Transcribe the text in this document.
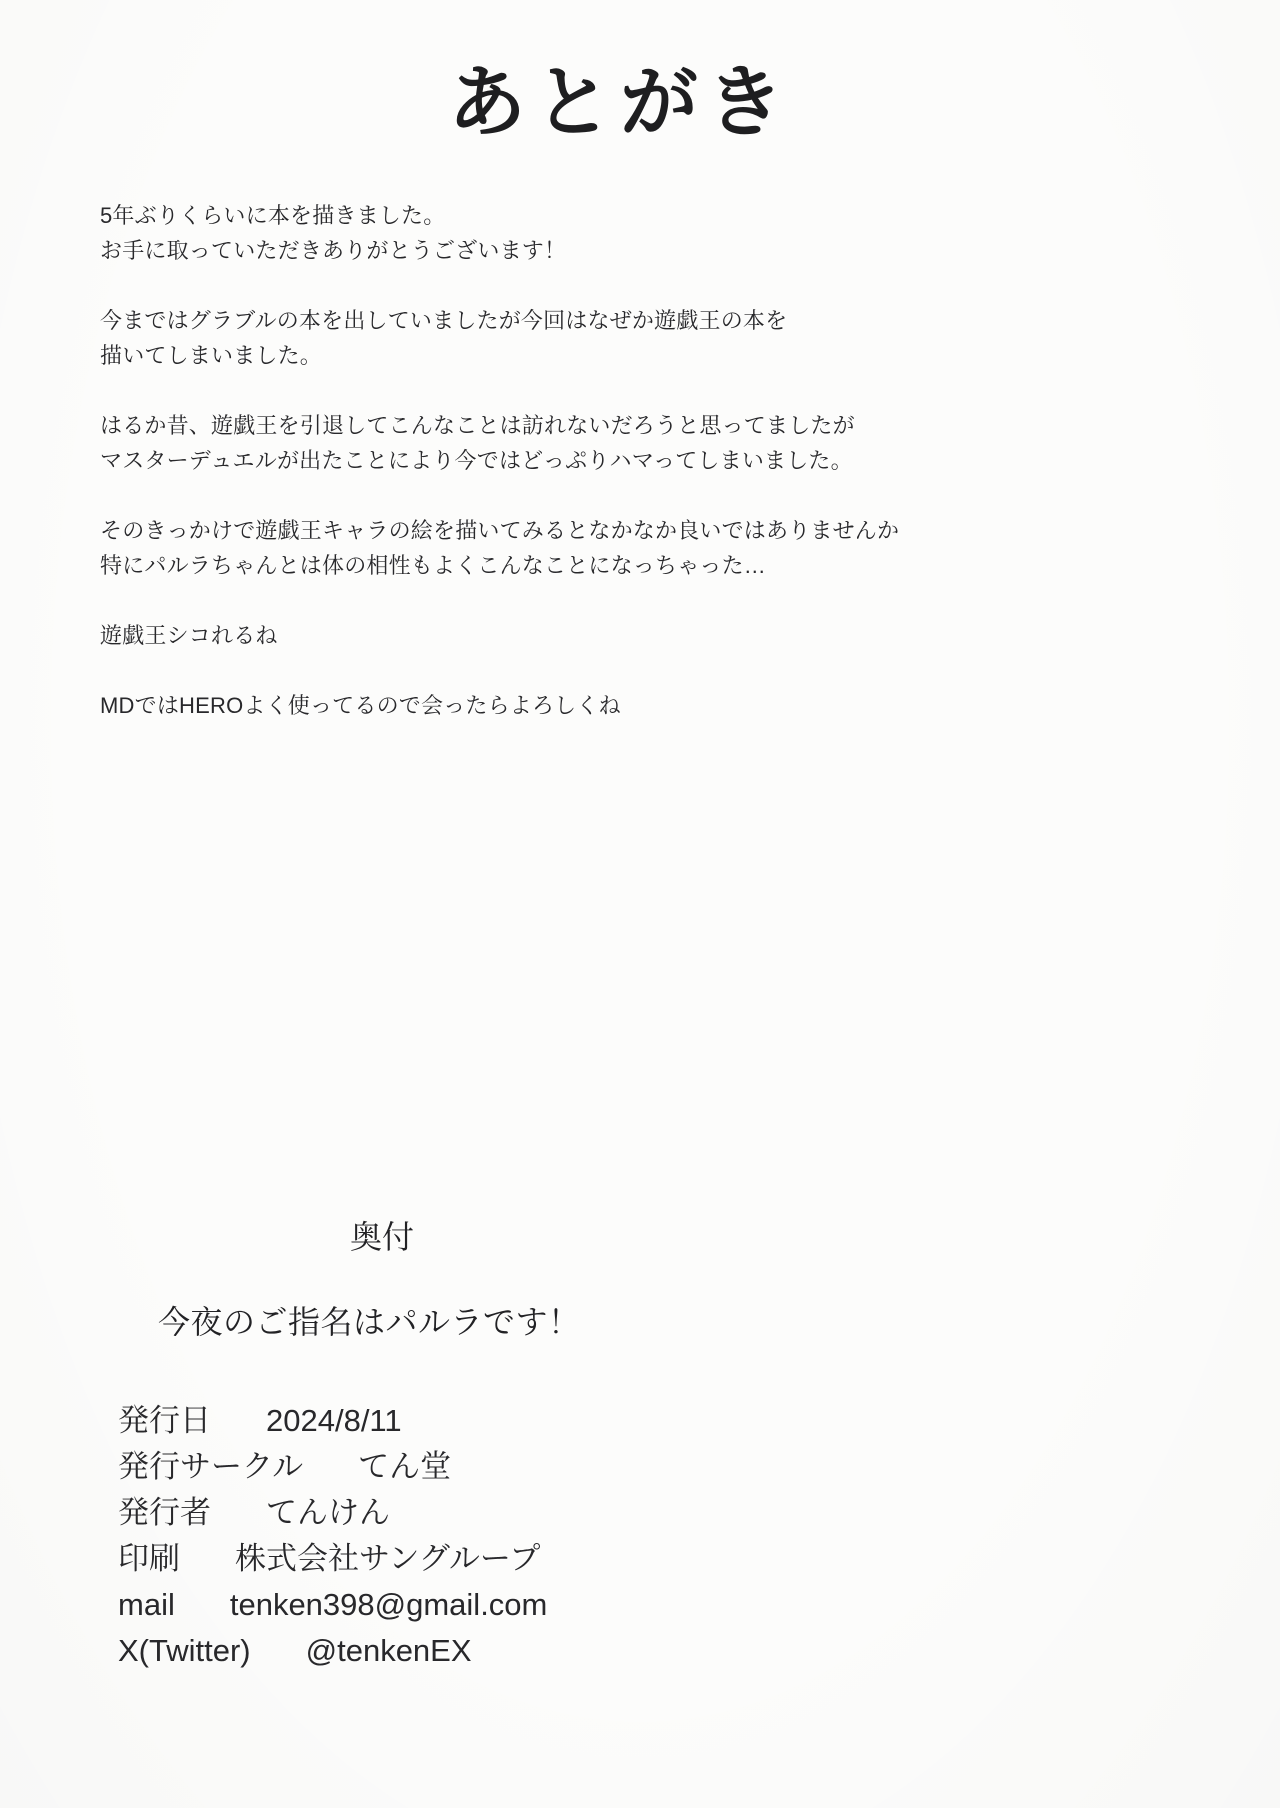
あとがき
5年ぶりくらいに本を描きました。
お手に取っていただきありがとうございます！
今まではグラブルの本を出していましたが今回はなぜか遊戯王の本を
描いてしまいました。
はるか昔、遊戯王を引退してこんなことは訪れないだろうと思ってましたが
マスターデュエルが出たことにより今ではどっぷりハマってしまいました。
そのきっかけで遊戯王キャラの絵を描いてみるとなかなか良いではありませんか
特にパルラちゃんとは体の相性もよくこんなことになっちゃった…
遊戯王シコれるね
MDではHEROよく使ってるので会ったらよろしくね
奥付
今夜のご指名はパルラです！
発行日 2024/8/11
発行サークル てん堂
発行者 てんけん
印刷 株式会社サングループ
mail tenken398@gmail.com
X(Twitter) @tenkenEX
